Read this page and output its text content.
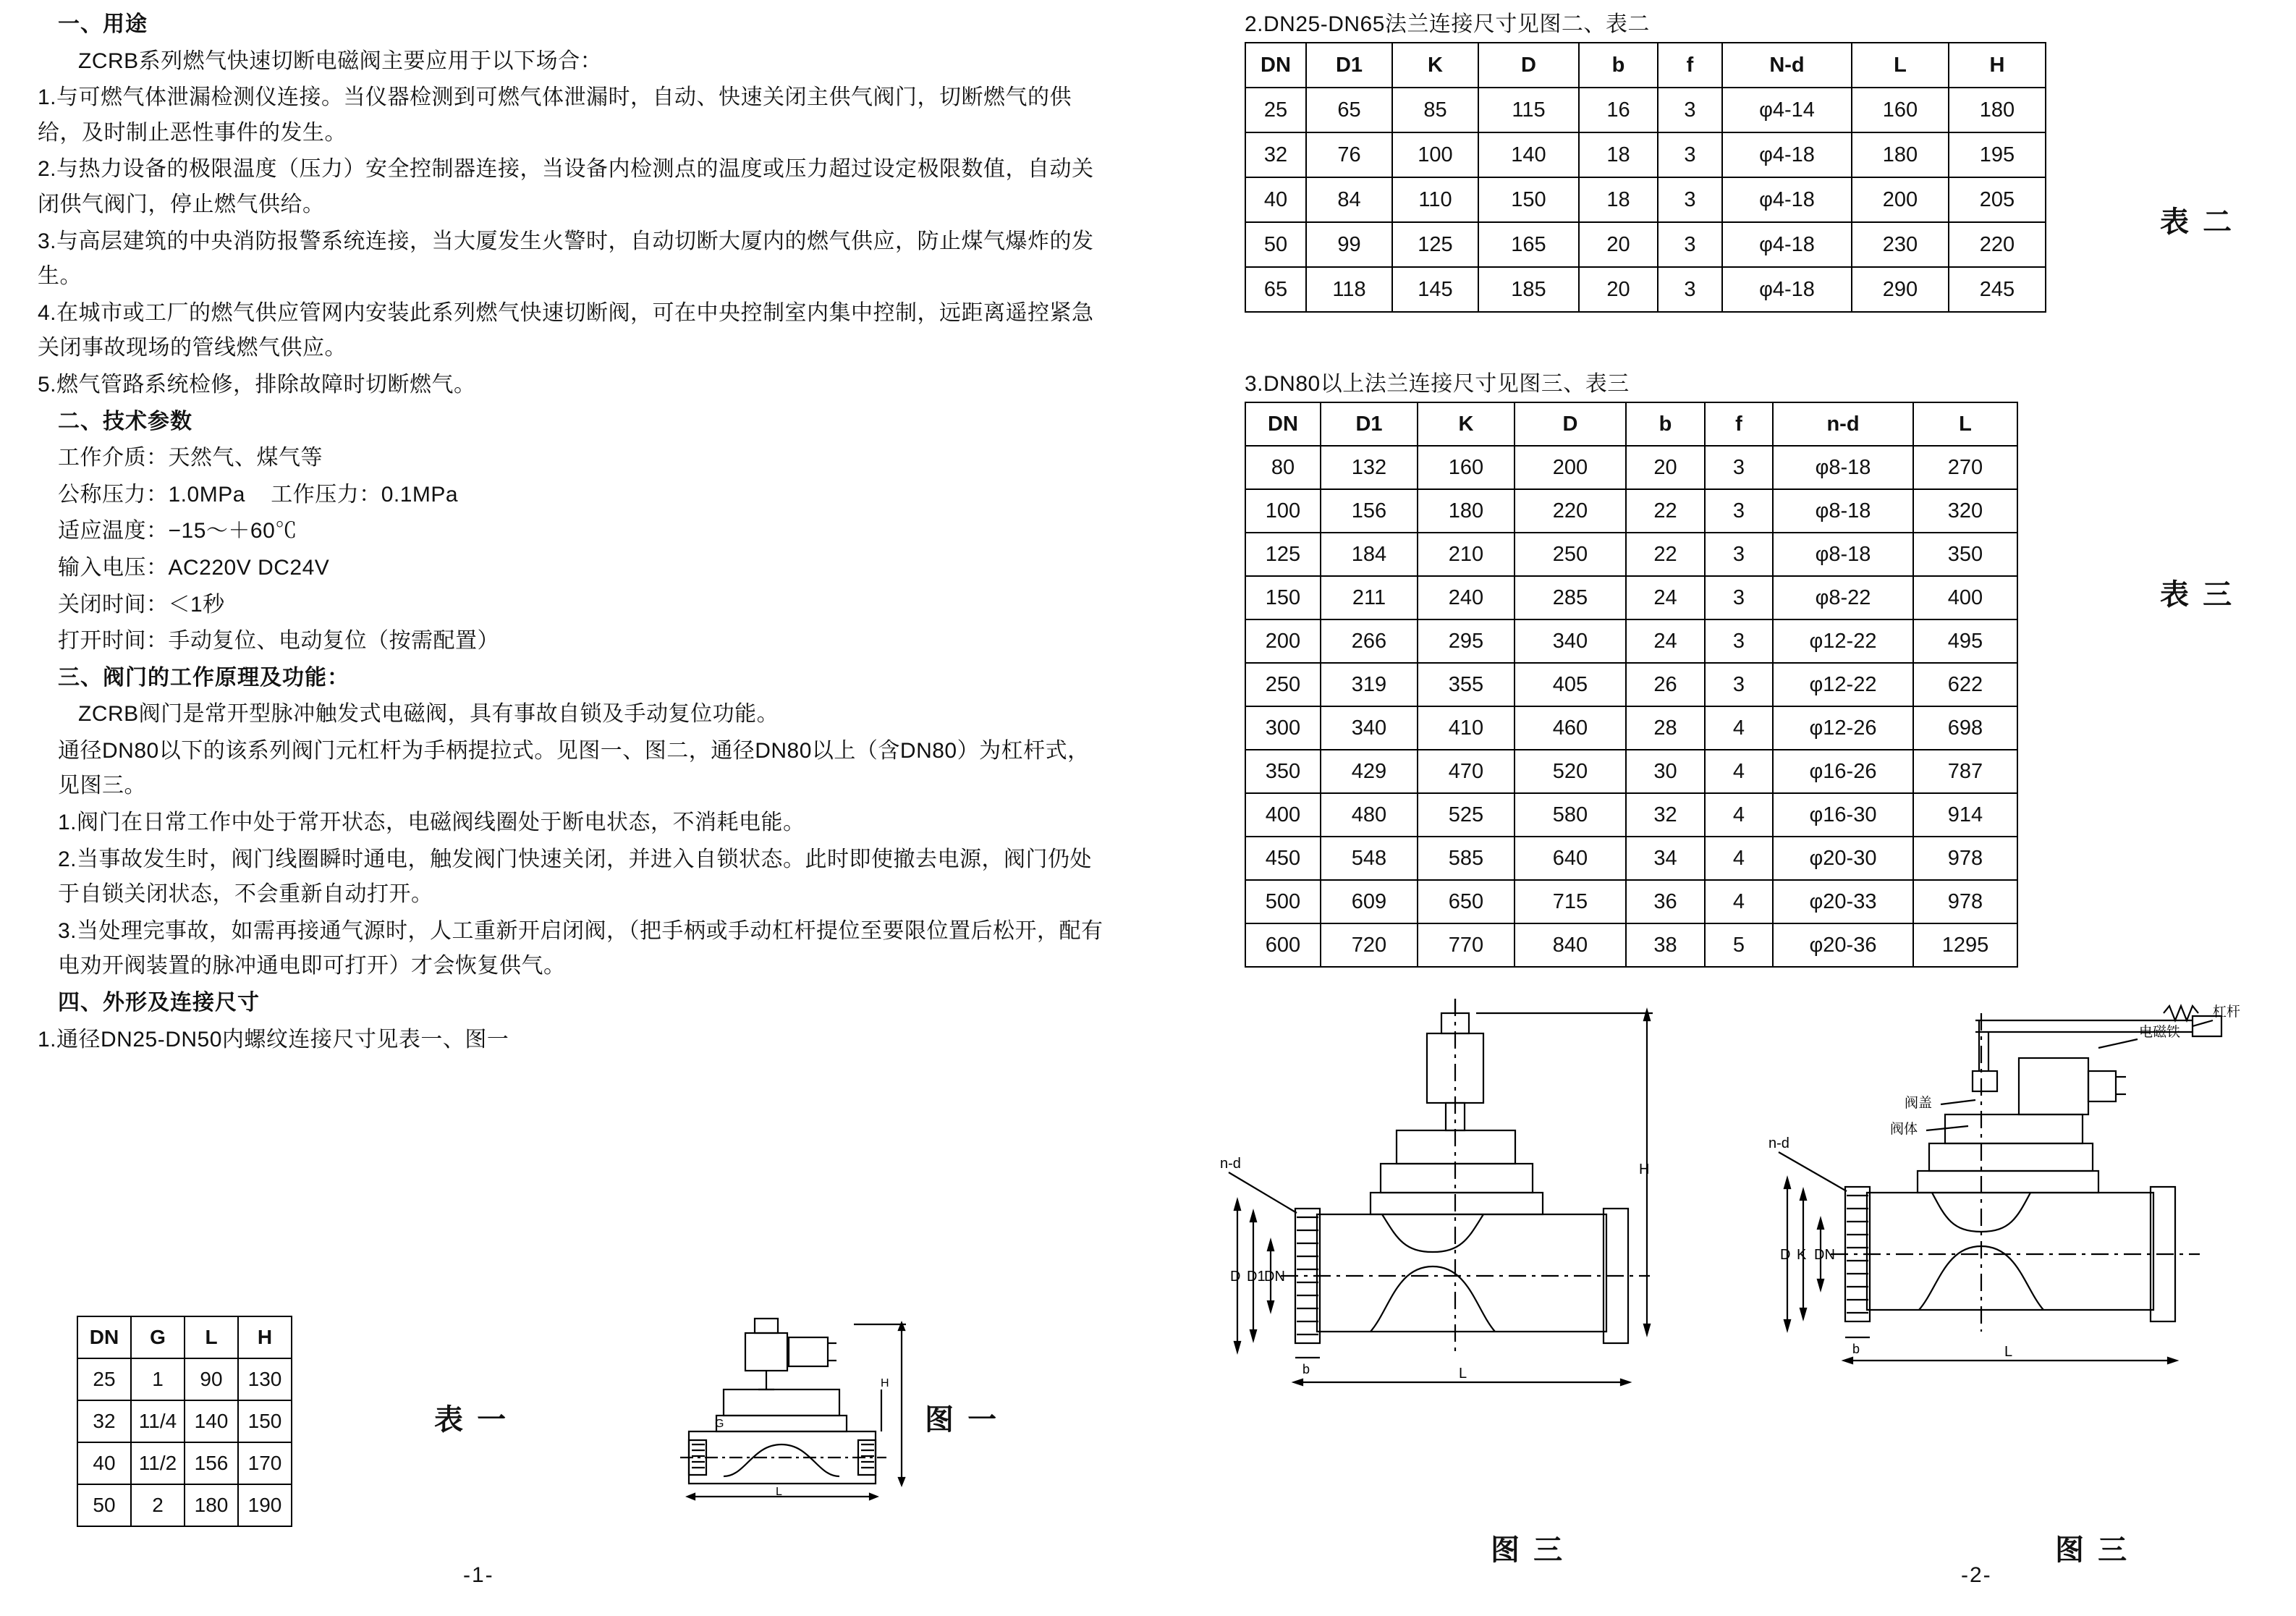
一、用途

ZCRB系列燃气快速切断电磁阀主要应用于以下场合：

1.与可燃气体泄漏检测仪连接。当仪器检测到可燃气体泄漏时，自动、快速关闭主供气阀门，切断燃气的供给，及时制止恶性事件的发生。

2.与热力设备的极限温度（压力）安全控制器连接，当设备内检测点的温度或压力超过设定极限数值，自动关闭供气阀门，停止燃气供给。

3.与高层建筑的中央消防报警系统连接，当大厦发生火警时，自动切断大厦内的燃气供应，防止煤气爆炸的发生。

4.在城市或工厂的燃气供应管网内安装此系列燃气快速切断阀，可在中央控制室内集中控制，远距离遥控紧急关闭事故现场的管线燃气供应。

5.燃气管路系统检修，排除故障时切断燃气。

二、技术参数

工作介质：天然气、煤气等

公称压力：1.0MPa    工作压力：0.1MPa

适应温度：−15～＋60℃

输入电压：AC220V DC24V

关闭时间：＜1秒

打开时间：手动复位、电动复位（按需配置）

三、阀门的工作原理及功能：

ZCRB阀门是常开型脉冲触发式电磁阀，具有事故自锁及手动复位功能。

通径DN80以下的该系列阀门元杠杆为手柄提拉式。见图一、图二，通径DN80以上（含DN80）为杠杆式，见图三。

1.阀门在日常工作中处于常开状态，电磁阀线圈处于断电状态，不消耗电能。

2.当事故发生时，阀门线圈瞬时通电，触发阀门快速关闭，并进入自锁状态。此时即使撤去电源，阀门仍处于自锁关闭状态，不会重新自动打开。

3.当处理完事故，如需再接通气源时，人工重新开启闭阀，（把手柄或手动杠杆提位至要限位置后松开，配有电劝开阀装置的脉冲通电即可打开）才会恢复供气。

四、外形及连接尺寸

1.通径DN25-DN50内螺纹连接尺寸见表一、图一

DN	G	L	H
25	1	90	130
32	11/4	140	150
40	11/2	156	170
50	2	180	190
表 一	图 一
H
L
G
-1-
2.DN25-DN65法兰连接尺寸见图二、表二
DN	D1	K	D	b	f	N-d	L	H
25	65	85	115	16	3	φ4-14	160	180
32	76	100	140	18	3	φ4-18	180	195
40	84	110	150	18	3	φ4-18	200	205
50	99	125	165	20	3	φ4-18	230	220
65	118	145	185	20	3	φ4-18	290	245
表 二
3.DN80以上法兰连接尺寸见图三、表三
DN	D1	K	D	b	f	n-d	L
80	132	160	200	20	3	φ8-18	270
100	156	180	220	22	3	φ8-18	320
125	184	210	250	22	3	φ8-18	350
150	211	240	285	24	3	φ8-22	400
200	266	295	340	24	3	φ12-22	495
250	319	355	405	26	3	φ12-22	622
300	340	410	460	28	4	φ12-26	698
350	429	470	520	30	4	φ16-26	787
400	480	525	580	32	4	φ16-30	914
450	548	585	640	34	4	φ20-30	978
500	609	650	715	36	4	φ20-33	978
600	720	770	840	38	5	φ20-36	1295
表 三
n-d	H
D D1
DN
L
b
n-d
D K DN
L
b
电磁铁
杠杆
阀盖
阀体
图 三	图 三
-2-
